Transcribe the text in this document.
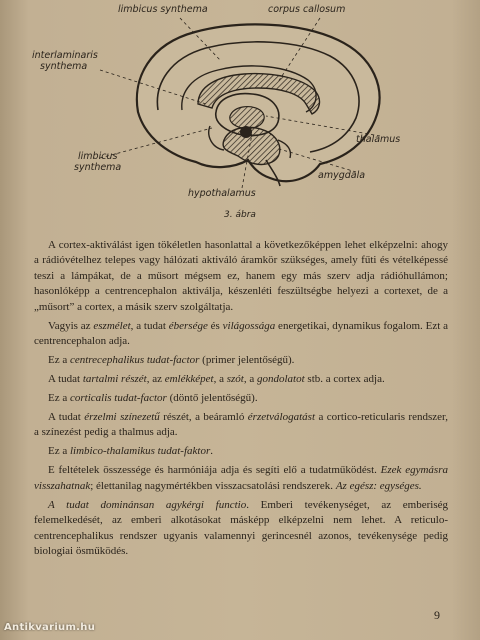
limbicus synthema	corpus callosum
interlaminaris
synthema
thalamus
limbicus
synthema
amygdala
hypothalamus
3. ábra

A cortex-aktiválást igen tökéletlen hasonlattal a következőképpen lehet elképzelni: ahogy a rádióvételhez telepes vagy hálózati aktiváló áramkör szükséges, amely fűti és vételképessé teszi a lámpákat, de a műsort mégsem ez, hanem egy más szerv adja rádióhullámon; hasonlóképp a centrencephalon aktiválja, készenléti feszültségbe helyezi a cortexet, de a „műsort” a cortex, a másik szerv szolgáltatja.

Vagyis az eszmélet, a tudat ébersége és világossága energetikai, dynamikus fogalom. Ezt a centrencephalon adja.

Ez a centrecephalikus tudat-factor (primer jelentőségű).

A tudat tartalmi részét, az emlékképet, a szót, a gondolatot stb. a cortex adja.

Ez a corticalis tudat-factor (döntő jelentőségű).

A tudat érzelmi színezetű részét, a beáramló érzetválogatást a cortico-reticularis rendszer, a színezést pedig a thalmus adja.

Ez a limbico-thalamikus tudat-faktor.

E feltételek összessége és harmóniája adja és segíti elő a tudatműködést. Ezek egymásra visszahatnak; élettanilag nagymértékben visszacsatolási rendszerek. Az egész: egységes.

A tudat dominánsan agykérgi functio. Emberi tevékenységet, az emberiség felemelkedését, az emberi alkotásokat másképp elképzelni nem lehet. A reticulo-centrencephalikus rendszer ugyanis valamennyi gerincesnél azonos, tevékenysége pedig biologiai ösműködés.

9
Antikvarium.hu
